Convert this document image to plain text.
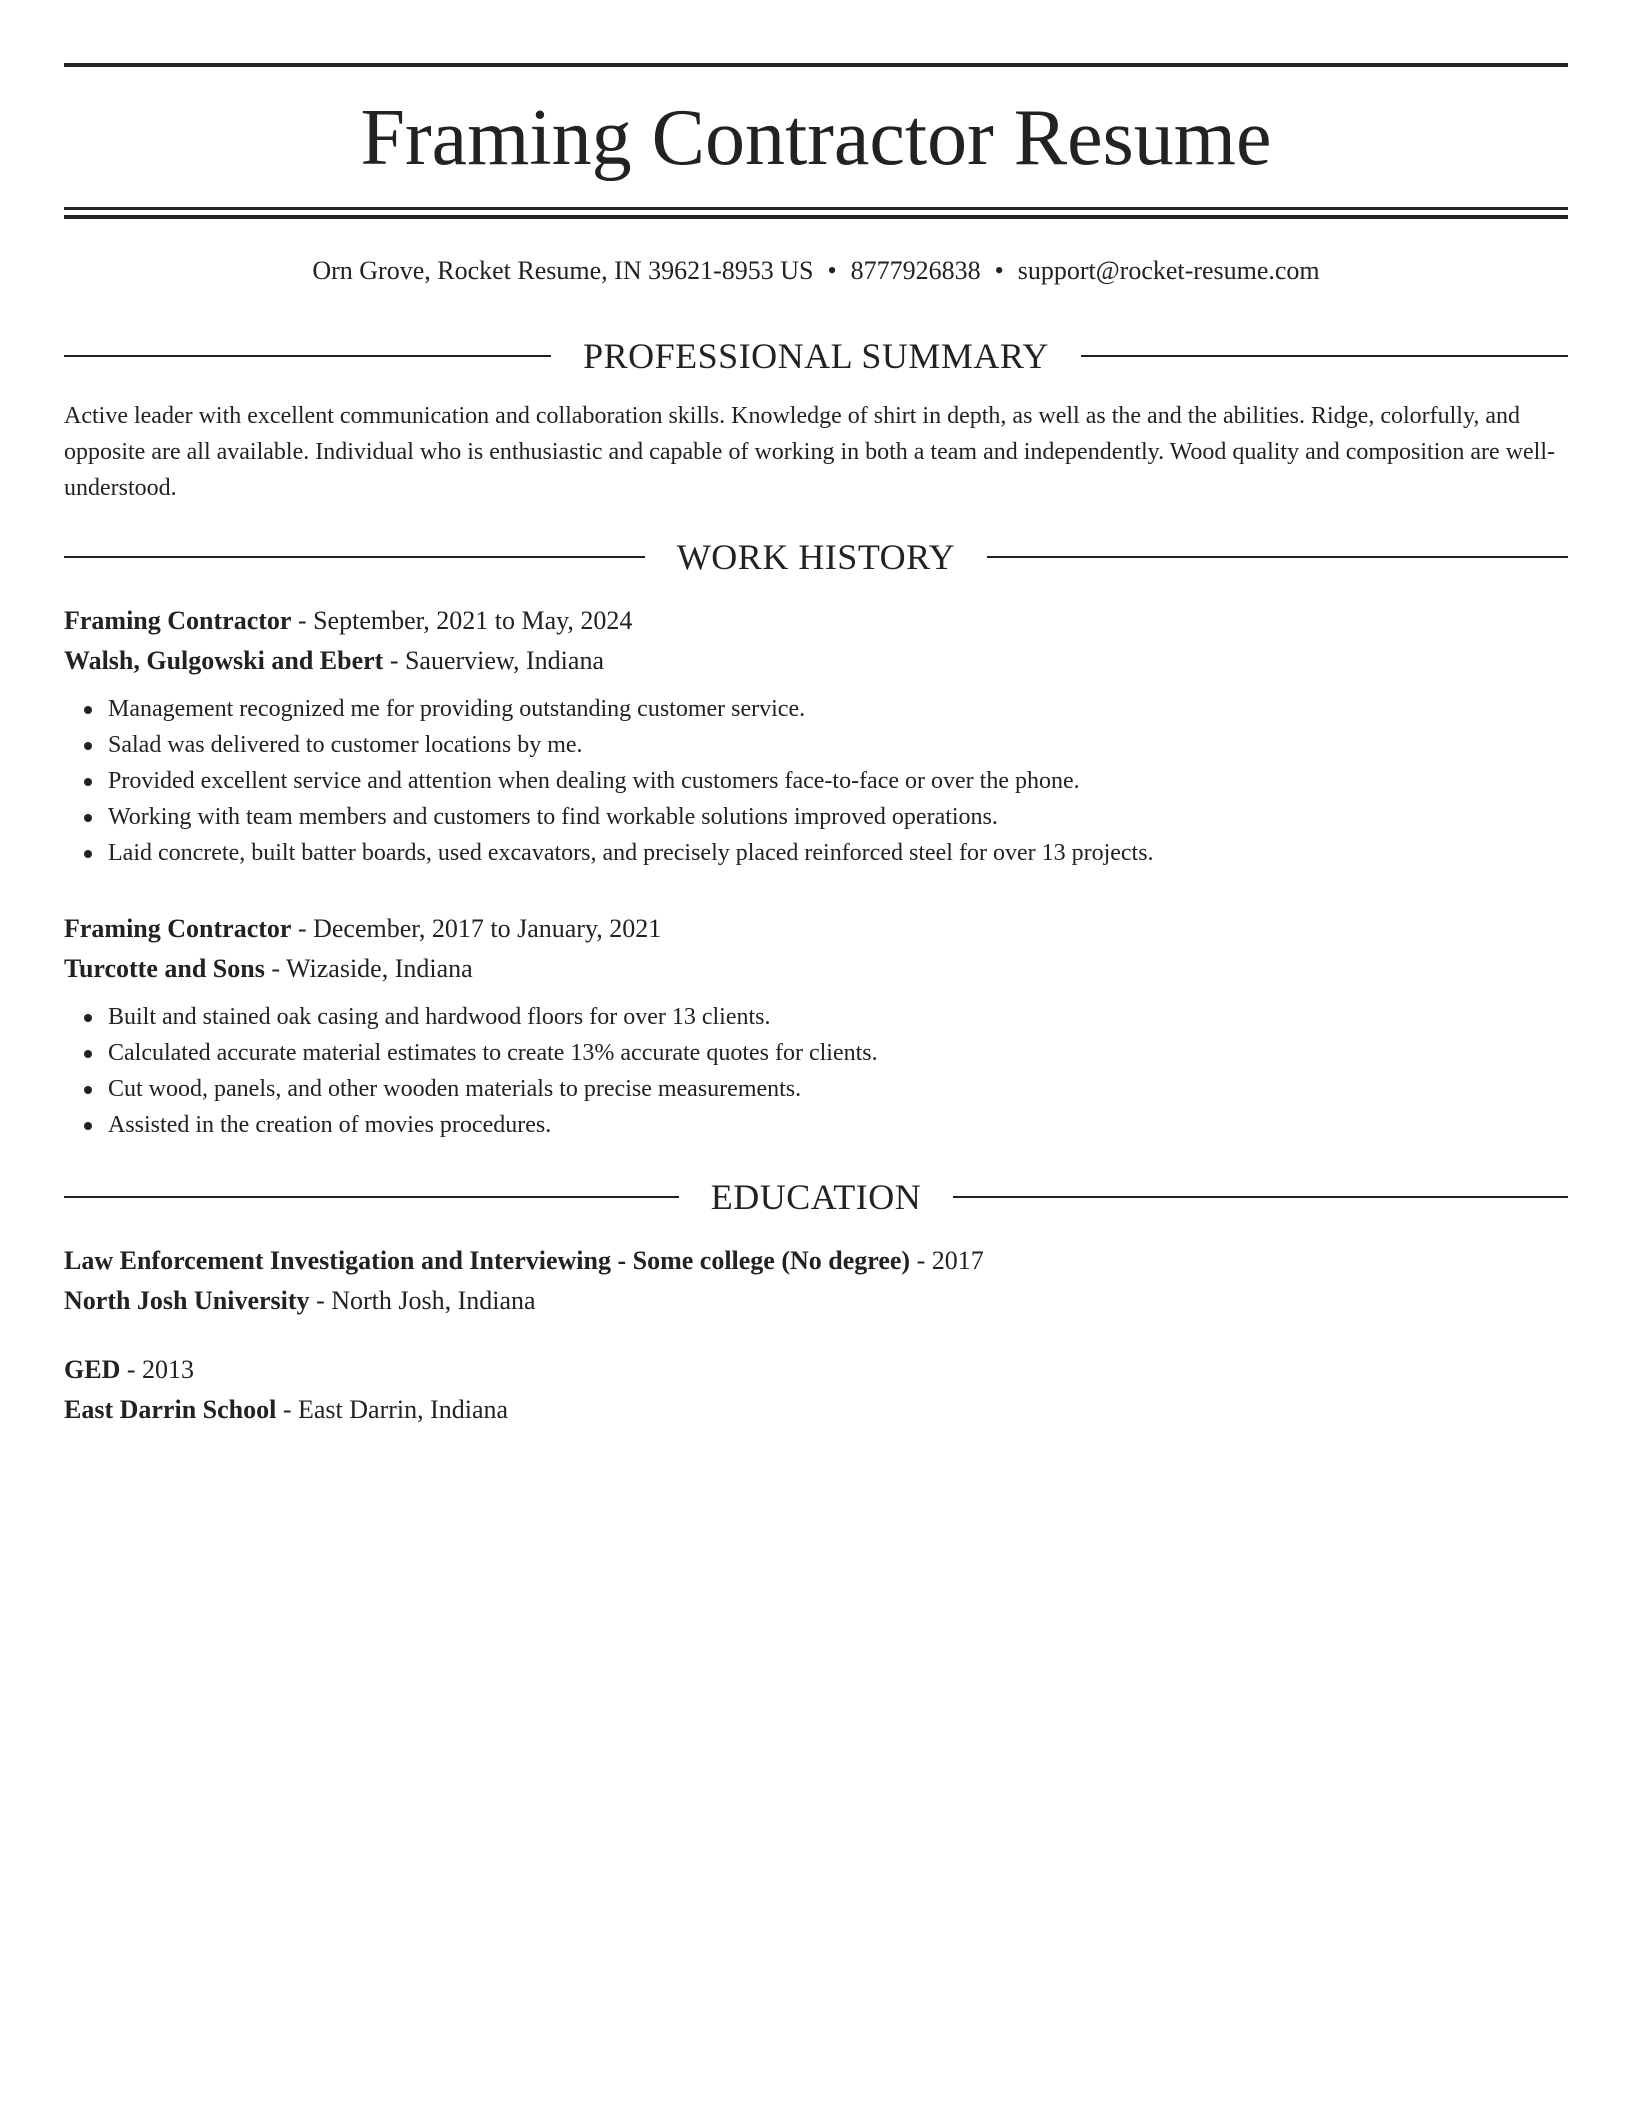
Framing Contractor Resume
Orn Grove, Rocket Resume, IN 39621-8953 US • 8777926838 • support@rocket-resume.com
PROFESSIONAL SUMMARY

Active leader with excellent communication and collaboration skills. Knowledge of shirt in depth, as well as the and the abilities. Ridge, colorfully, and opposite are all available. Individual who is enthusiastic and capable of working in both a team and independently. Wood quality and composition are well-understood.

WORK HISTORY
Framing Contractor - September, 2021 to May, 2024
Walsh, Gulgowski and Ebert - Sauerview, Indiana
Management recognized me for providing outstanding customer service.
Salad was delivered to customer locations by me.
Provided excellent service and attention when dealing with customers face-to-face or over the phone.
Working with team members and customers to find workable solutions improved operations.
Laid concrete, built batter boards, used excavators, and precisely placed reinforced steel for over 13 projects.
Framing Contractor - December, 2017 to January, 2021
Turcotte and Sons - Wizaside, Indiana
Built and stained oak casing and hardwood floors for over 13 clients.
Calculated accurate material estimates to create 13% accurate quotes for clients.
Cut wood, panels, and other wooden materials to precise measurements.
Assisted in the creation of movies procedures.
EDUCATION
Law Enforcement Investigation and Interviewing - Some college (No degree) - 2017
North Josh University - North Josh, Indiana
GED - 2013
East Darrin School - East Darrin, Indiana
